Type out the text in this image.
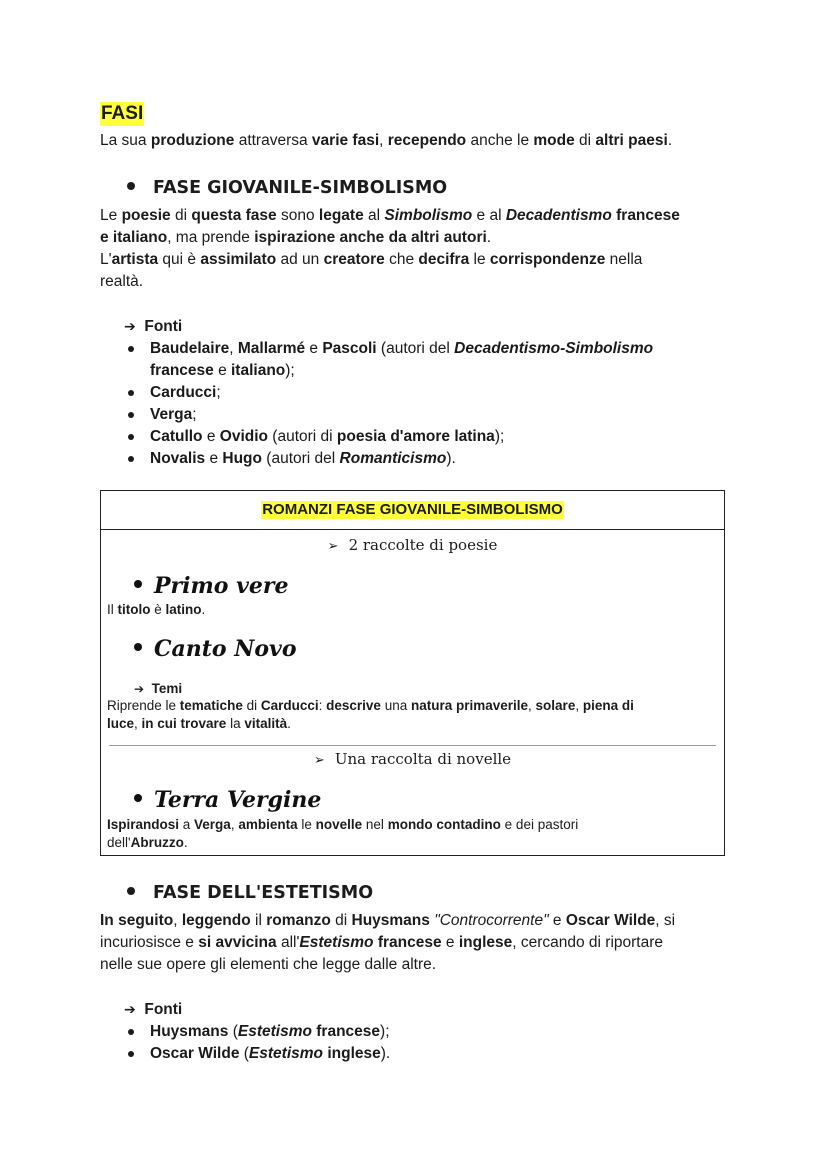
FASI
La sua produzione attraversa varie fasi, recependo anche le mode di altri paesi.
FASE GIOVANILE-SIMBOLISMO
Le poesie di questa fase sono legate al Simbolismo e al Decadentismo francese
e italiano, ma prende ispirazione anche da altri autori.
L'artista qui è assimilato ad un creatore che decifra le corrispondenze nella
realtà.
➔ Fonti
Baudelaire, Mallarmé e Pascoli (autori del Decadentismo-Simbolismo
francese e italiano);
Carducci;
Verga;
Catullo e Ovidio (autori di poesia d'amore latina);
Novalis e Hugo (autori del Romanticismo).
ROMANZI FASE GIOVANILE-SIMBOLISMO
➢ 2 raccolte di poesie
Primo vere
Il titolo è latino.
Canto Novo
➔ Temi
Riprende le tematiche di Carducci: descrive una natura primaverile, solare, piena di
luce, in cui trovare la vitalità.
➢ Una raccolta di novelle
Terra Vergine
Ispirandosi a Verga, ambienta le novelle nel mondo contadino e dei pastori
dell'Abruzzo.
FASE DELL'ESTETISMO
In seguito, leggendo il romanzo di Huysmans "Controcorrente" e Oscar Wilde, si
incuriosisce e si avvicina all'Estetismo francese e inglese, cercando di riportare
nelle sue opere gli elementi che legge dalle altre.
➔ Fonti
Huysmans (Estetismo francese);
Oscar Wilde (Estetismo inglese).
